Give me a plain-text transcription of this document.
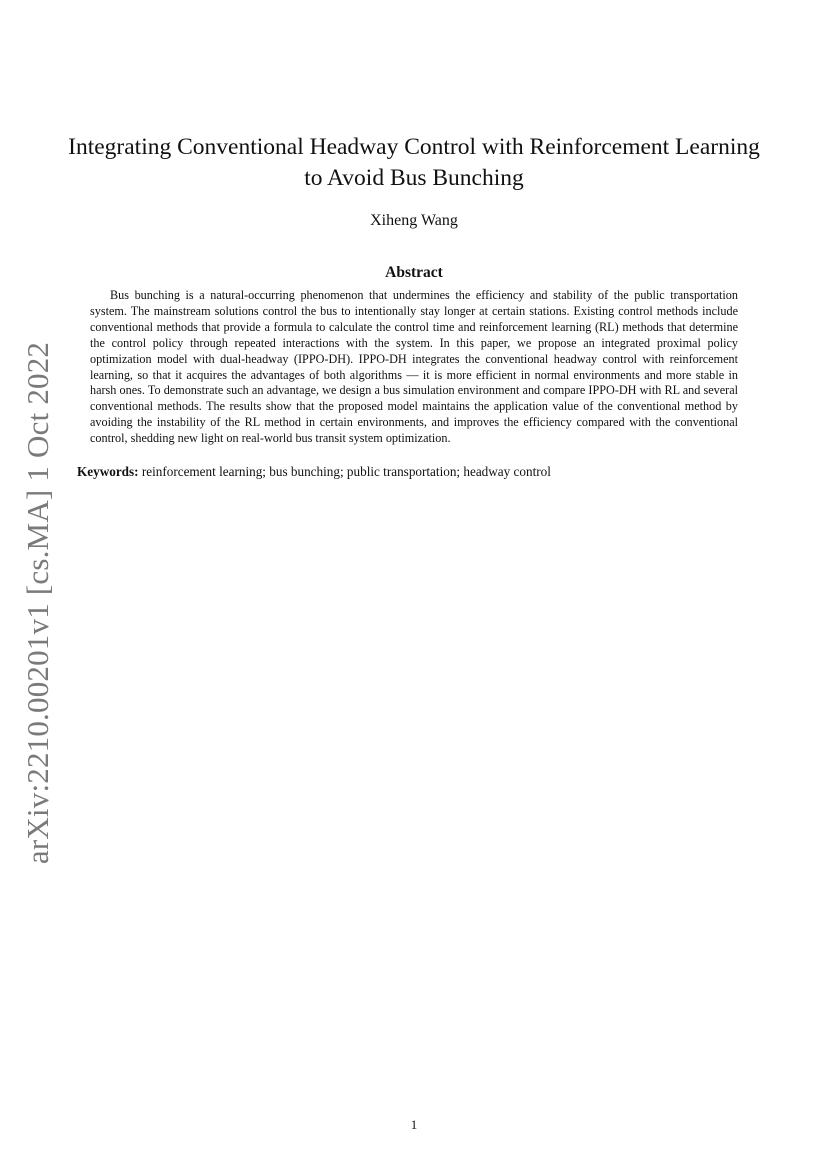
arXiv:2210.00201v1 [cs.MA] 1 Oct 2022
Integrating Conventional Headway Control with Reinforcement Learning
to Avoid Bus Bunching
Xiheng Wang
Abstract

Bus bunching is a natural-occurring phenomenon that undermines the efficiency and stability of the public transportation system. The mainstream solutions control the bus to intentionally stay longer at certain stations. Existing control methods include conventional methods that provide a formula to calculate the control time and reinforcement learning (RL) methods that determine the control policy through repeated interactions with the system. In this paper, we propose an integrated proximal policy optimization model with dual-headway (IPPO-DH). IPPO-DH integrates the conventional headway control with reinforcement learning, so that it acquires the advantages of both algorithms — it is more efficient in normal environments and more stable in harsh ones. To demonstrate such an advantage, we design a bus simulation environment and compare IPPO-DH with RL and several conventional methods. The results show that the proposed model maintains the application value of the conventional method by avoiding the instability of the RL method in certain environments, and improves the efficiency compared with the conventional control, shedding new light on real-world bus transit system optimization.

Keywords: reinforcement learning; bus bunching; public transportation; headway control
1
